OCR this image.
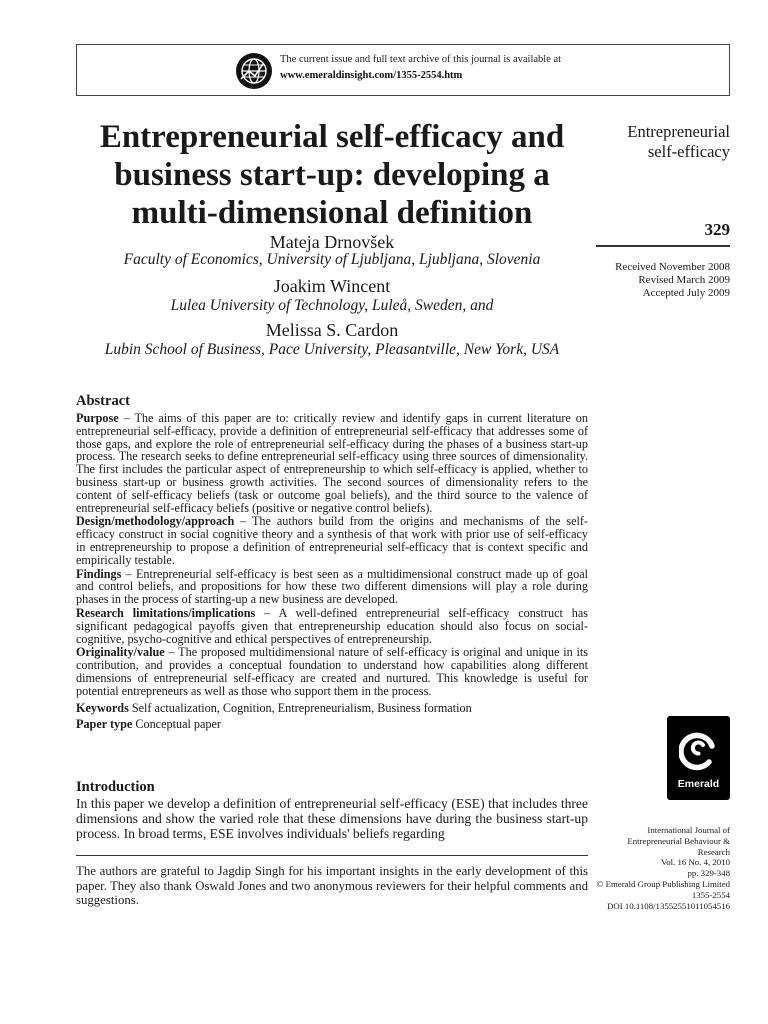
The current issue and full text archive of this journal is available at
www.emeraldinsight.com/1355-2554.htm
Entrepreneurial self-efficacy and business start-up: developing a multi-dimensional definition
Mateja Drnovšek
Faculty of Economics, University of Ljubljana, Ljubljana, Slovenia
Joakim Wincent
Lulea University of Technology, Luleå, Sweden, and
Melissa S. Cardon
Lubin School of Business, Pace University, Pleasantville, New York, USA
Entrepreneurial
self-efficacy
329
Received November 2008
Revised March 2009
Accepted July 2009
Abstract

Purpose – The aims of this paper are to: critically review and identify gaps in current literature on entrepreneurial self-efficacy, provide a definition of entrepreneurial self-efficacy that addresses some of those gaps, and explore the role of entrepreneurial self-efficacy during the phases of a business start-up process. The research seeks to define entrepreneurial self-efficacy using three sources of dimensionality. The first includes the particular aspect of entrepreneurship to which self-efficacy is applied, whether to business start-up or business growth activities. The second sources of dimensionality refers to the content of self-efficacy beliefs (task or outcome goal beliefs), and the third source to the valence of entrepreneurial self-efficacy beliefs (positive or negative control beliefs).

Design/methodology/approach – The authors build from the origins and mechanisms of the self-efficacy construct in social cognitive theory and a synthesis of that work with prior use of self-efficacy in entrepreneurship to propose a definition of entrepreneurial self-efficacy that is context specific and empirically testable.

Findings – Entrepreneurial self-efficacy is best seen as a multidimensional construct made up of goal and control beliefs, and propositions for how these two different dimensions will play a role during phases in the process of starting-up a new business are developed.

Research limitations/implications – A well-defined entrepreneurial self-efficacy construct has significant pedagogical payoffs given that entrepreneurship education should also focus on social-cognitive, psycho-cognitive and ethical perspectives of entrepreneurship.

Originality/value – The proposed multidimensional nature of self-efficacy is original and unique in its contribution, and provides a conceptual foundation to understand how capabilities along different dimensions of entrepreneurial self-efficacy are created and nurtured. This knowledge is useful for potential entrepreneurs as well as those who support them in the process.

Keywords Self actualization, Cognition, Entrepreneurialism, Business formation

Paper type Conceptual paper

Introduction

In this paper we develop a definition of entrepreneurial self-efficacy (ESE) that includes three dimensions and show the varied role that these dimensions have during the business start-up process. In broad terms, ESE involves individuals' beliefs regarding

The authors are grateful to Jagdip Singh for his important insights in the early development of this paper. They also thank Oswald Jones and two anonymous reviewers for their helpful comments and suggestions.

Emerald
International Journal of
Entrepreneurial Behaviour &
Research
Vol. 16 No. 4, 2010
pp. 329-348
© Emerald Group Publishing Limited
1355-2554
DOI 10.1108/13552551011054516
